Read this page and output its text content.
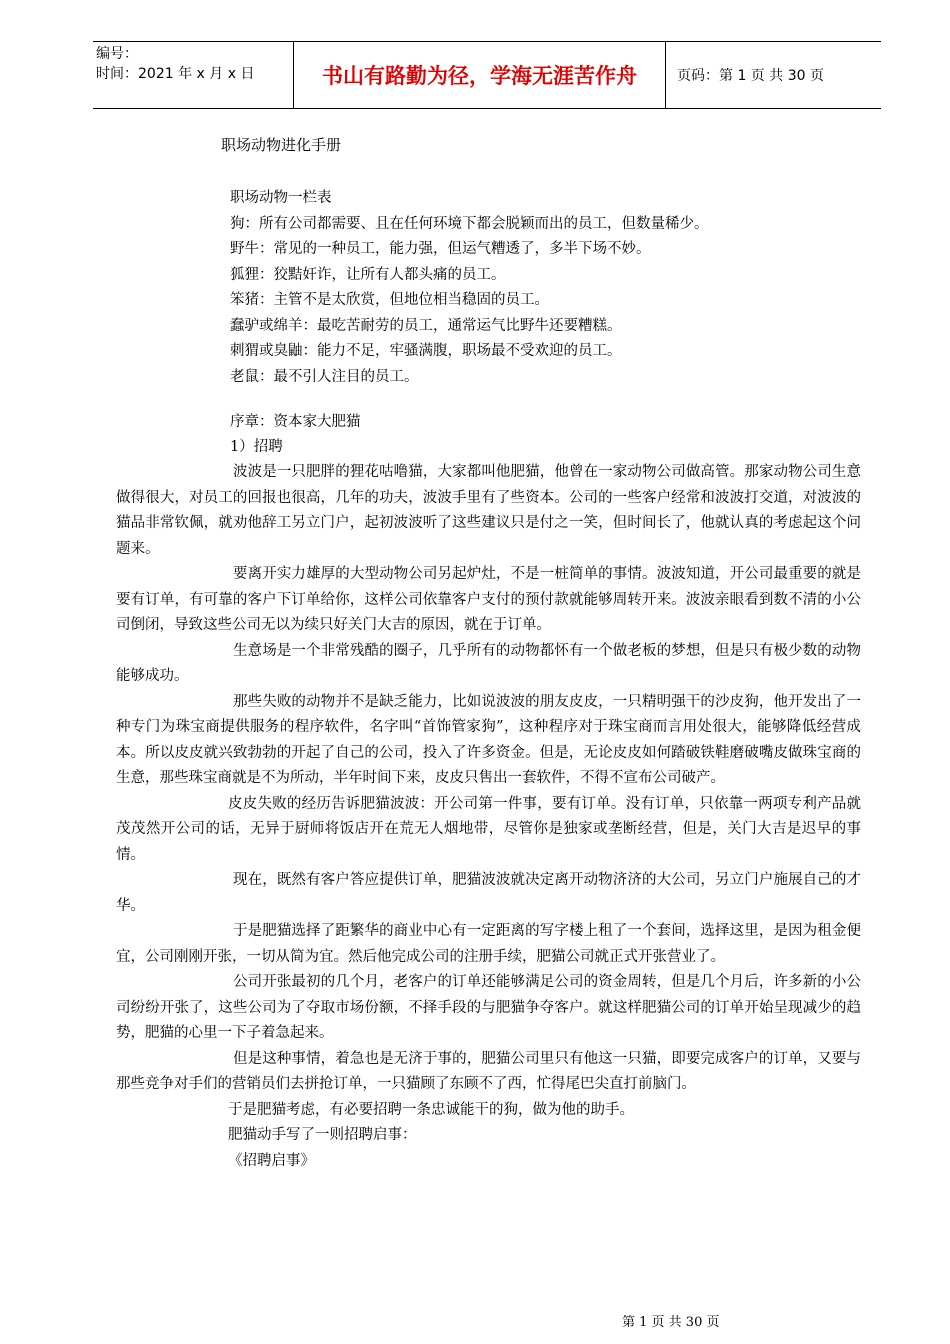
编号：
时间：2021 年 x 月 x 日	书山有路勤为径，学海无涯苦作舟	页码：第 1 页 共 30 页
职场动物进化手册

职场动物一栏表

狗：所有公司都需要、且在任何环境下都会脱颖而出的员工，但数量稀少。

野牛：常见的一种员工，能力强，但运气糟透了，多半下场不妙。

狐狸：狡黠奸诈，让所有人都头痛的员工。

笨猪：主管不是太欣赏，但地位相当稳固的员工。

蠢驴或绵羊：最吃苦耐劳的员工，通常运气比野牛还要糟糕。

刺猬或臭鼬：能力不足，牢骚满腹，职场最不受欢迎的员工。

老鼠：最不引人注目的员工。

序章：资本家大肥猫

1）招聘

波波是一只肥胖的狸花咕噜猫，大家都叫他肥猫，他曾在一家动物公司做高管。那家动物公司生意做得很大，对员工的回报也很高，几年的功夫，波波手里有了些资本。公司的一些客户经常和波波打交道，对波波的猫品非常钦佩，就劝他辞工另立门户，起初波波听了这些建议只是付之一笑，但时间长了，他就认真的考虑起这个问题来。

要离开实力雄厚的大型动物公司另起炉灶，不是一桩简单的事情。波波知道，开公司最重要的就是要有订单，有可靠的客户下订单给你，这样公司依靠客户支付的预付款就能够周转开来。波波亲眼看到数不清的小公司倒闭，导致这些公司无以为续只好关门大吉的原因，就在于订单。

生意场是一个非常残酷的圈子，几乎所有的动物都怀有一个做老板的梦想，但是只有极少数的动物能够成功。

那些失败的动物并不是缺乏能力，比如说波波的朋友皮皮，一只精明强干的沙皮狗，他开发出了一种专门为珠宝商提供服务的程序软件，名字叫“首饰管家狗”，这种程序对于珠宝商而言用处很大，能够降低经营成本。所以皮皮就兴致勃勃的开起了自己的公司，投入了许多资金。但是，无论皮皮如何踏破铁鞋磨破嘴皮做珠宝商的生意，那些珠宝商就是不为所动，半年时间下来，皮皮只售出一套软件，不得不宣布公司破产。

皮皮失败的经历告诉肥猫波波：开公司第一件事，要有订单。没有订单，只依靠一两项专利产品就茂茂然开公司的话，无异于厨师将饭店开在荒无人烟地带，尽管你是独家或垄断经营，但是，关门大吉是迟早的事情。

现在，既然有客户答应提供订单，肥猫波波就决定离开动物济济的大公司，另立门户施展自己的才华。

于是肥猫选择了距繁华的商业中心有一定距离的写字楼上租了一个套间，选择这里，是因为租金便宜，公司刚刚开张，一切从简为宜。然后他完成公司的注册手续，肥猫公司就正式开张营业了。

公司开张最初的几个月，老客户的订单还能够满足公司的资金周转，但是几个月后，许多新的小公司纷纷开张了，这些公司为了夺取市场份额，不择手段的与肥猫争夺客户。就这样肥猫公司的订单开始呈现减少的趋势，肥猫的心里一下子着急起来。

但是这种事情，着急也是无济于事的，肥猫公司里只有他这一只猫，即要完成客户的订单，又要与那些竞争对手们的营销员们去拼抢订单，一只猫顾了东顾不了西，忙得尾巴尖直打前脑门。

于是肥猫考虑，有必要招聘一条忠诚能干的狗，做为他的助手。

肥猫动手写了一则招聘启事：

《招聘启事》

第 1 页 共 30 页
